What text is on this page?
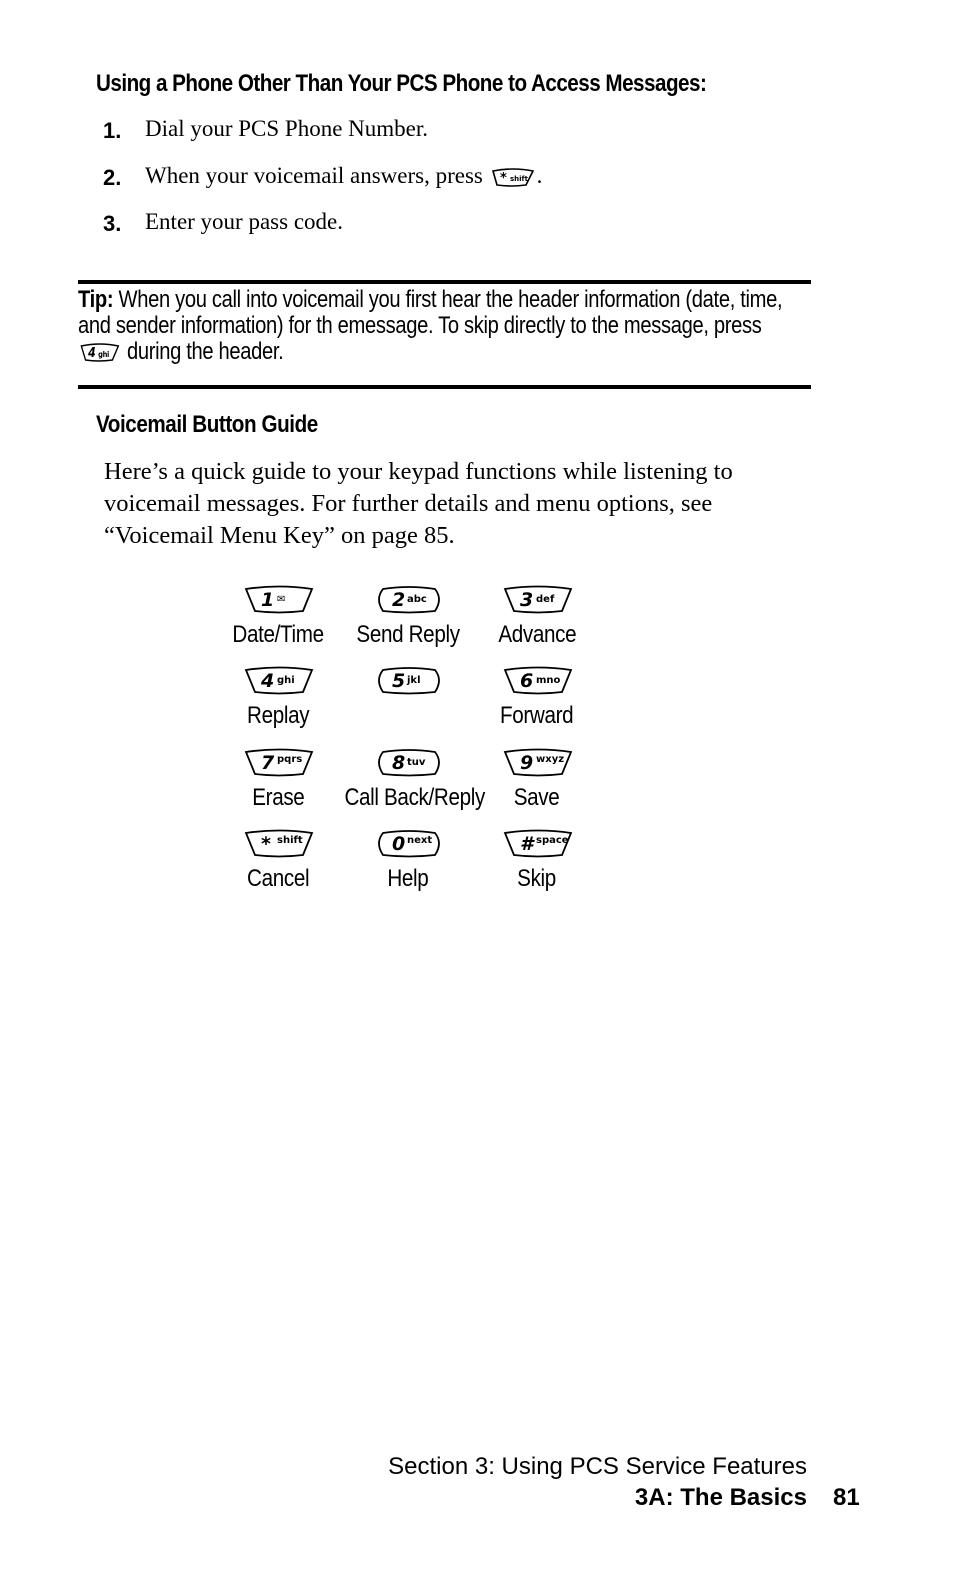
Using a Phone Other Than Your PCS Phone to Access Messages:
1. Dial your PCS Phone Number.
2. When your voicemail answers, press * shift .
3. Enter your pass code.
Tip: When you call into voicemail you first hear the header information (date, time, and sender information) for th emessage. To skip directly to the message, press
4 ghi during the header.
Voicemail Button Guide
Here’s a quick guide to your keypad functions while listening to voicemail messages. For further details and menu options, see “Voicemail Menu Key” on page 85.
1 ✉
Date/Time
2 abc
Send Reply
3 def
Advance
4 ghi
Replay
5 jkl	6 mno
Forward
7 pqrs
Erase
8 tuv
Call Back/Reply
9 wxyz
Save
* shift
Cancel
0 next
Help
# space
Skip
Section 3: Using PCS Service Features
3A: The Basics 81
